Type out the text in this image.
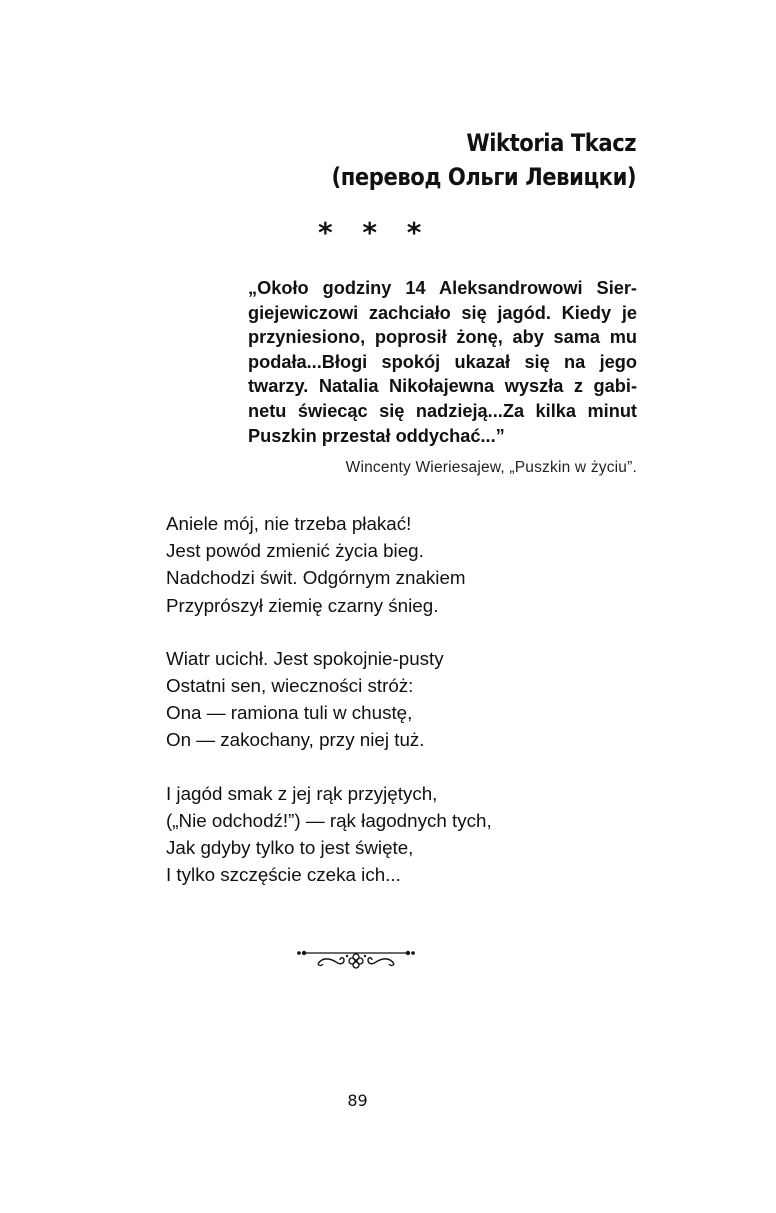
Wiktoria Tkacz
(перевод Ольги Левицки)
* * *
„Około godziny 14 Aleksandrowowi Sier-
giejewiczowi zachciało się jagód. Kiedy je
przyniesiono, poprosił żonę, aby sama mu
podała...Błogi spokój ukazał się na jego
twarzy. Natalia Nikołajewna wyszła z gabi-
netu świecąc się nadzieją...Za kilka minut
Puszkin przestał oddychać...”
Wincenty Wieriesajew, „Puszkin w życiu”.
Aniele mój, nie trzeba płakać!
Jest powód zmienić życia bieg.
Nadchodzi świt. Odgórnym znakiem
Przyprószył ziemię czarny śnieg.
Wiatr ucichł. Jest spokojnie-pusty
Ostatni sen, wieczności stróż:
Ona — ramiona tuli w chustę,
On — zakochany, przy niej tuż.
I jagód smak z jej rąk przyjętych,
(„Nie odchodź!”) — rąk łagodnych tych,
Jak gdyby tylko to jest święte,
I tylko szczęście czeka ich...
89
